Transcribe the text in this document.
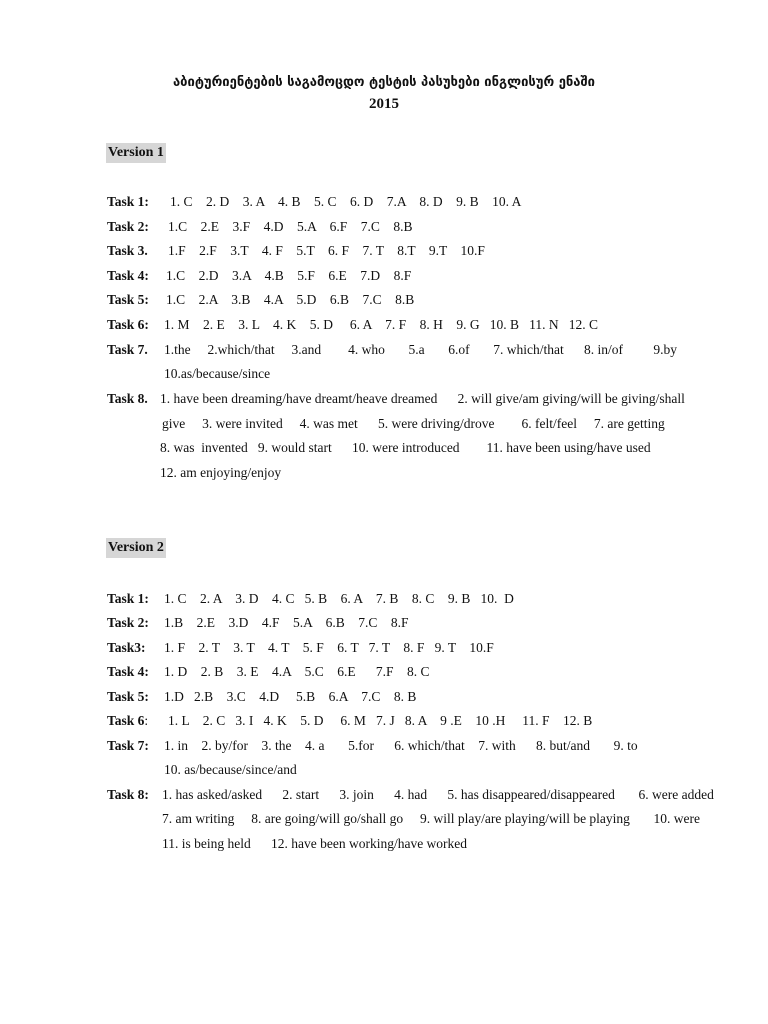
აბიტურიენტების საგამოცდო ტესტის პასუხები ინგლისურ ენაში
2015
Version 1
Task 1: 1. C    2. D    3. A    4. B    5. C    6. D    7.A    8. D    9. B    10. A
Task 2: 1.C    2.E    3.F    4.D    5.A    6.F    7.C    8.B
Task 3. 1.F    2.F    3.T    4. F    5.T    6. F    7. T    8.T    9.T    10.F
Task 4: 1.C    2.D    3.A    4.B    5.F    6.E    7.D    8.F
Task 5: 1.C    2.A    3.B    4.A    5.D    6.B    7.C    8.B
Task 6: 1. M    2. E    3. L    4. K    5. D     6. A    7. F    8. H    9. G   10. B   11. N   12. C
Task 7. 1.the     2.which/that     3.and        4. who       5.a       6.of       7. which/that      8. in/of         9.by
10.as/because/since
Task 8. 1. have been dreaming/have dreamt/heave dreamed      2. will give/am giving/will be giving/shall
give     3. were invited     4. was met      5. were driving/drove        6. felt/feel     7. are getting
8. was  invented   9. would start      10. were introduced        11. have been using/have used
12. am enjoying/enjoy
Version 2
Task 1: 1. C    2. A    3. D    4. C   5. B    6. A    7. B    8. C    9. B   10.  D
Task 2: 1.B    2.E    3.D    4.F    5.A    6.B    7.C    8.F
Task3: 1. F    2. T    3. T    4. T    5. F    6. T   7. T    8. F   9. T    10.F
Task 4: 1. D    2. B    3. E    4.A    5.C    6.E      7.F    8. C
Task 5: 1.D   2.B    3.C    4.D     5.B    6.A    7.C    8. B
Task 6: 1. L    2. C   3. I   4. K    5. D     6. M   7. J   8. A    9 .E    10 .H     11. F    12. B
Task 7: 1. in    2. by/for    3. the    4. a       5.for      6. which/that    7. with      8. but/and       9. to
10. as/because/since/and
Task 8: 1. has asked/asked      2. start      3. join      4. had      5. has disappeared/disappeared       6. were added
7. am writing     8. are going/will go/shall go     9. will play/are playing/will be playing       10. were
11. is being held      12. have been working/have worked
